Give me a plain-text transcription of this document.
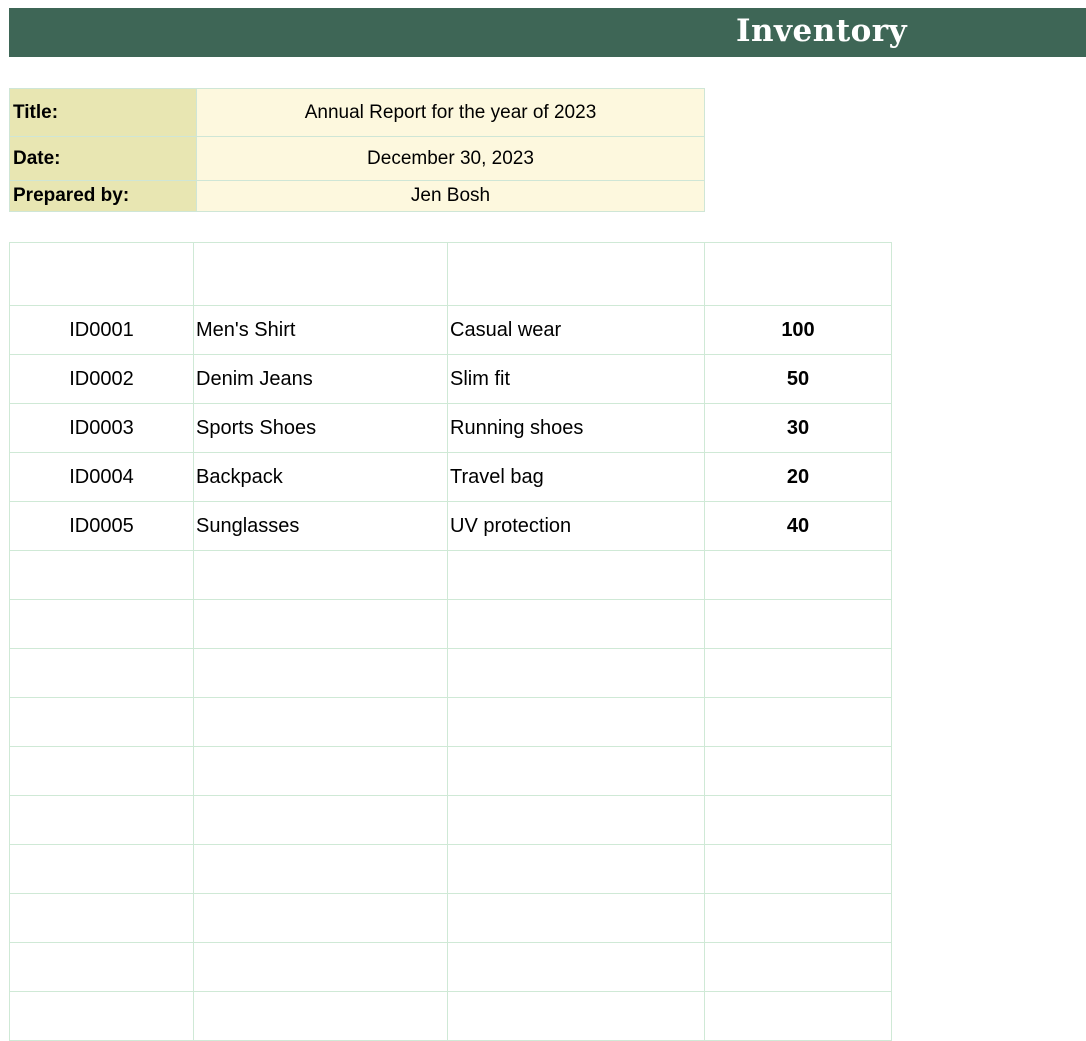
Inventory
Title:	Annual Report for the year of 2023
Date:	December 30, 2023
Prepared by:	Jen Bosh

ID0001	Men's Shirt	Casual wear	100
ID0002	Denim Jeans	Slim fit	50
ID0003	Sports Shoes	Running shoes	30
ID0004	Backpack	Travel bag	20
ID0005	Sunglasses	UV protection	40
